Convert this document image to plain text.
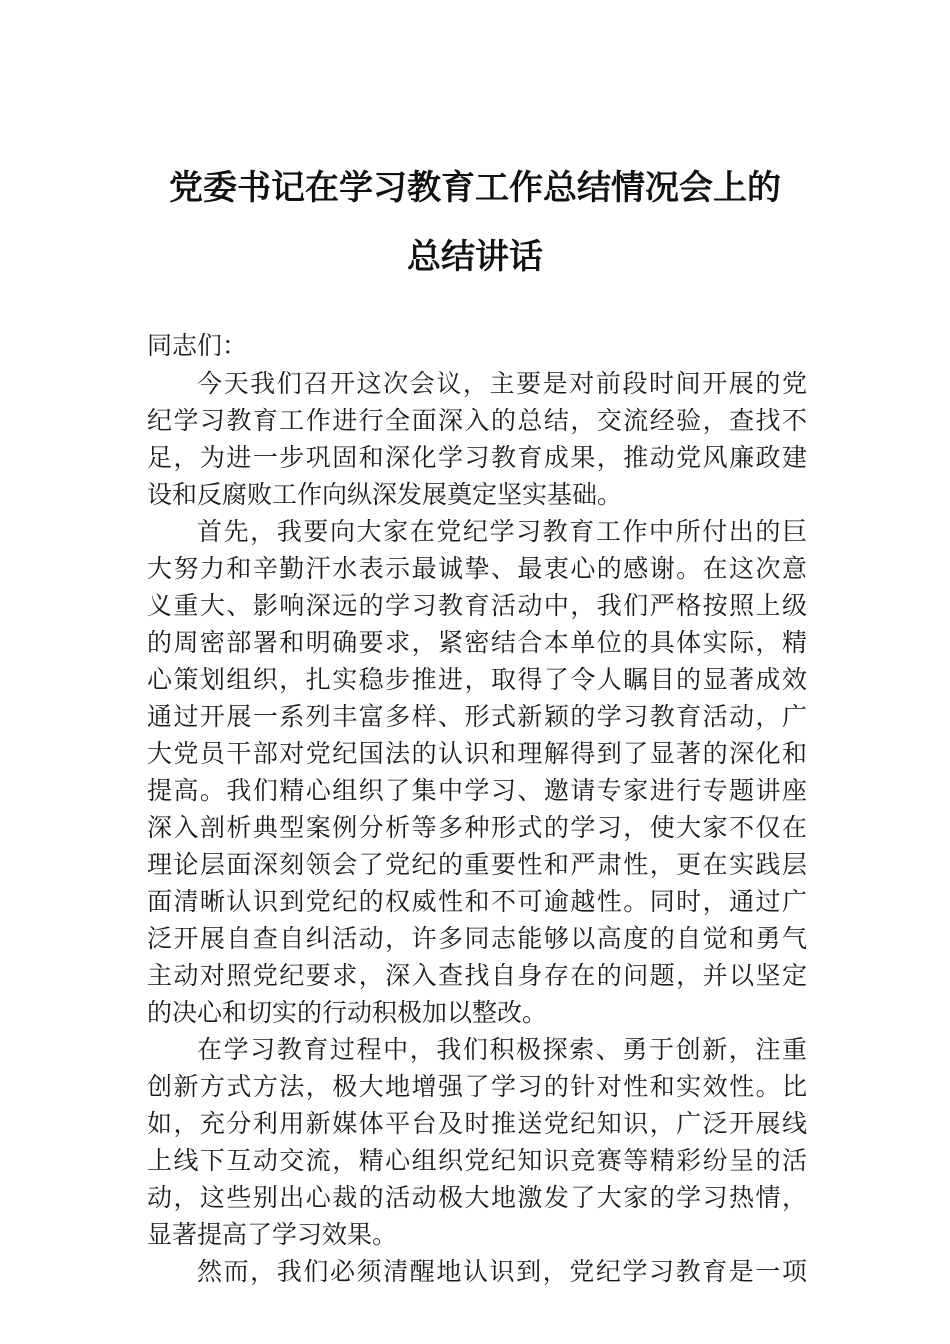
党委书记在学习教育工作总结情况会上的
总结讲话
同志们：
今天我们召开这次会议，主要是对前段时间开展的党
纪学习教育工作进行全面深入的总结，交流经验，查找不
足，为进一步巩固和深化学习教育成果，推动党风廉政建
设和反腐败工作向纵深发展奠定坚实基础。
首先，我要向大家在党纪学习教育工作中所付出的巨
大努力和辛勤汗水表示最诚挚、最衷心的感谢。在这次意
义重大、影响深远的学习教育活动中，我们严格按照上级
的周密部署和明确要求，紧密结合本单位的具体实际，精
心策划组织，扎实稳步推进，取得了令人瞩目的显著成效
通过开展一系列丰富多样、形式新颖的学习教育活动，广
大党员干部对党纪国法的认识和理解得到了显著的深化和
提高。我们精心组织了集中学习、邀请专家进行专题讲座
深入剖析典型案例分析等多种形式的学习，使大家不仅在
理论层面深刻领会了党纪的重要性和严肃性，更在实践层
面清晰认识到党纪的权威性和不可逾越性。同时，通过广
泛开展自查自纠活动，许多同志能够以高度的自觉和勇气
主动对照党纪要求，深入查找自身存在的问题，并以坚定
的决心和切实的行动积极加以整改。
在学习教育过程中，我们积极探索、勇于创新，注重
创新方式方法，极大地增强了学习的针对性和实效性。比
如，充分利用新媒体平台及时推送党纪知识，广泛开展线
上线下互动交流，精心组织党纪知识竞赛等精彩纷呈的活
动，这些别出心裁的活动极大地激发了大家的学习热情，
显著提高了学习效果。
然而，我们必须清醒地认识到，党纪学习教育是一项
